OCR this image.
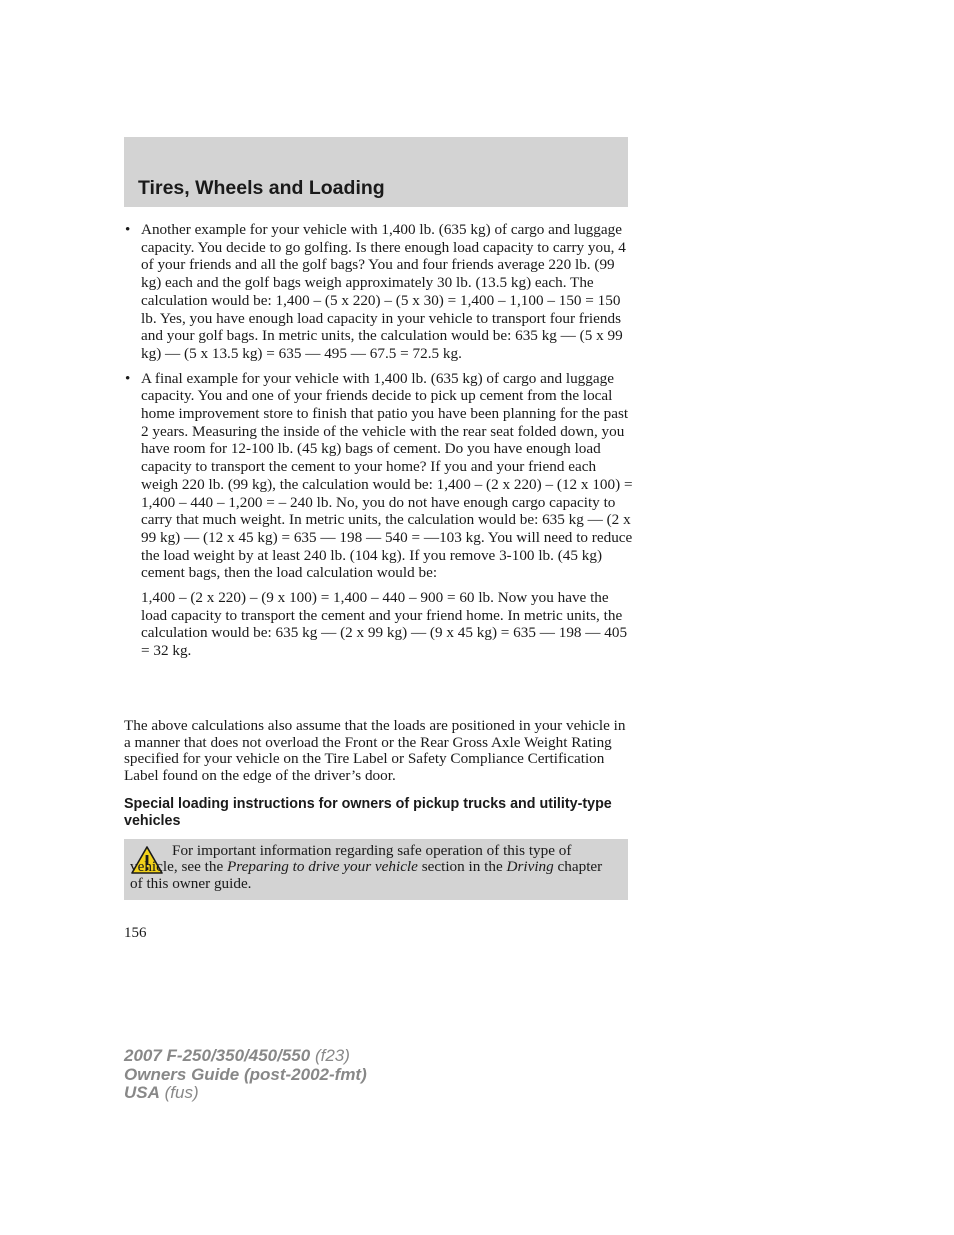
Tires, Wheels and Loading

• Another example for your vehicle with 1,400 lb. (635 kg) of cargo and luggage capacity. You decide to go golfing. Is there enough load capacity to carry you, 4 of your friends and all the golf bags? You and four friends average 220 lb. (99 kg) each and the golf bags weigh approximately 30 lb. (13.5 kg) each. The calculation would be: 1,400 – (5 x 220) – (5 x 30) = 1,400 – 1,100 – 150 = 150 lb. Yes, you have enough load capacity in your vehicle to transport four friends and your golf bags. In metric units, the calculation would be: 635 kg — (5 x 99 kg) — (5 x 13.5 kg) = 635 — 495 — 67.5 = 72.5 kg.

• A final example for your vehicle with 1,400 lb. (635 kg) of cargo and luggage capacity. You and one of your friends decide to pick up cement from the local home improvement store to finish that patio you have been planning for the past 2 years. Measuring the inside of the vehicle with the rear seat folded down, you have room for 12-100 lb. (45 kg) bags of cement. Do you have enough load capacity to transport the cement to your home? If you and your friend each weigh 220 lb. (99 kg), the calculation would be: 1,400 – (2 x 220) – (12 x 100) = 1,400 – 440 – 1,200 = – 240 lb. No, you do not have enough cargo capacity to carry that much weight. In metric units, the calculation would be: 635 kg — (2 x 99 kg) — (12 x 45 kg) = 635 — 198 — 540 = —103 kg. You will need to reduce the load weight by at least 240 lb. (104 kg). If you remove 3-100 lb. (45 kg) cement bags, then the load calculation would be:

1,400 – (2 x 220) – (9 x 100) = 1,400 – 440 – 900 = 60 lb. Now you have the load capacity to transport the cement and your friend home. In metric units, the calculation would be: 635 kg — (2 x 99 kg) — (9 x 45 kg) = 635 — 198 — 405 = 32 kg.

The above calculations also assume that the loads are positioned in your vehicle in a manner that does not overload the Front or the Rear Gross Axle Weight Rating specified for your vehicle on the Tire Label or Safety Compliance Certification Label found on the edge of the driver’s door.

Special loading instructions for owners of pickup trucks and utility-type vehicles

For important information regarding safe operation of this type of vehicle, see the Preparing to drive your vehicle section in the Driving chapter of this owner guide.

156

2007 F-250/350/450/550 (f23)
Owners Guide (post-2002-fmt)
USA (fus)
